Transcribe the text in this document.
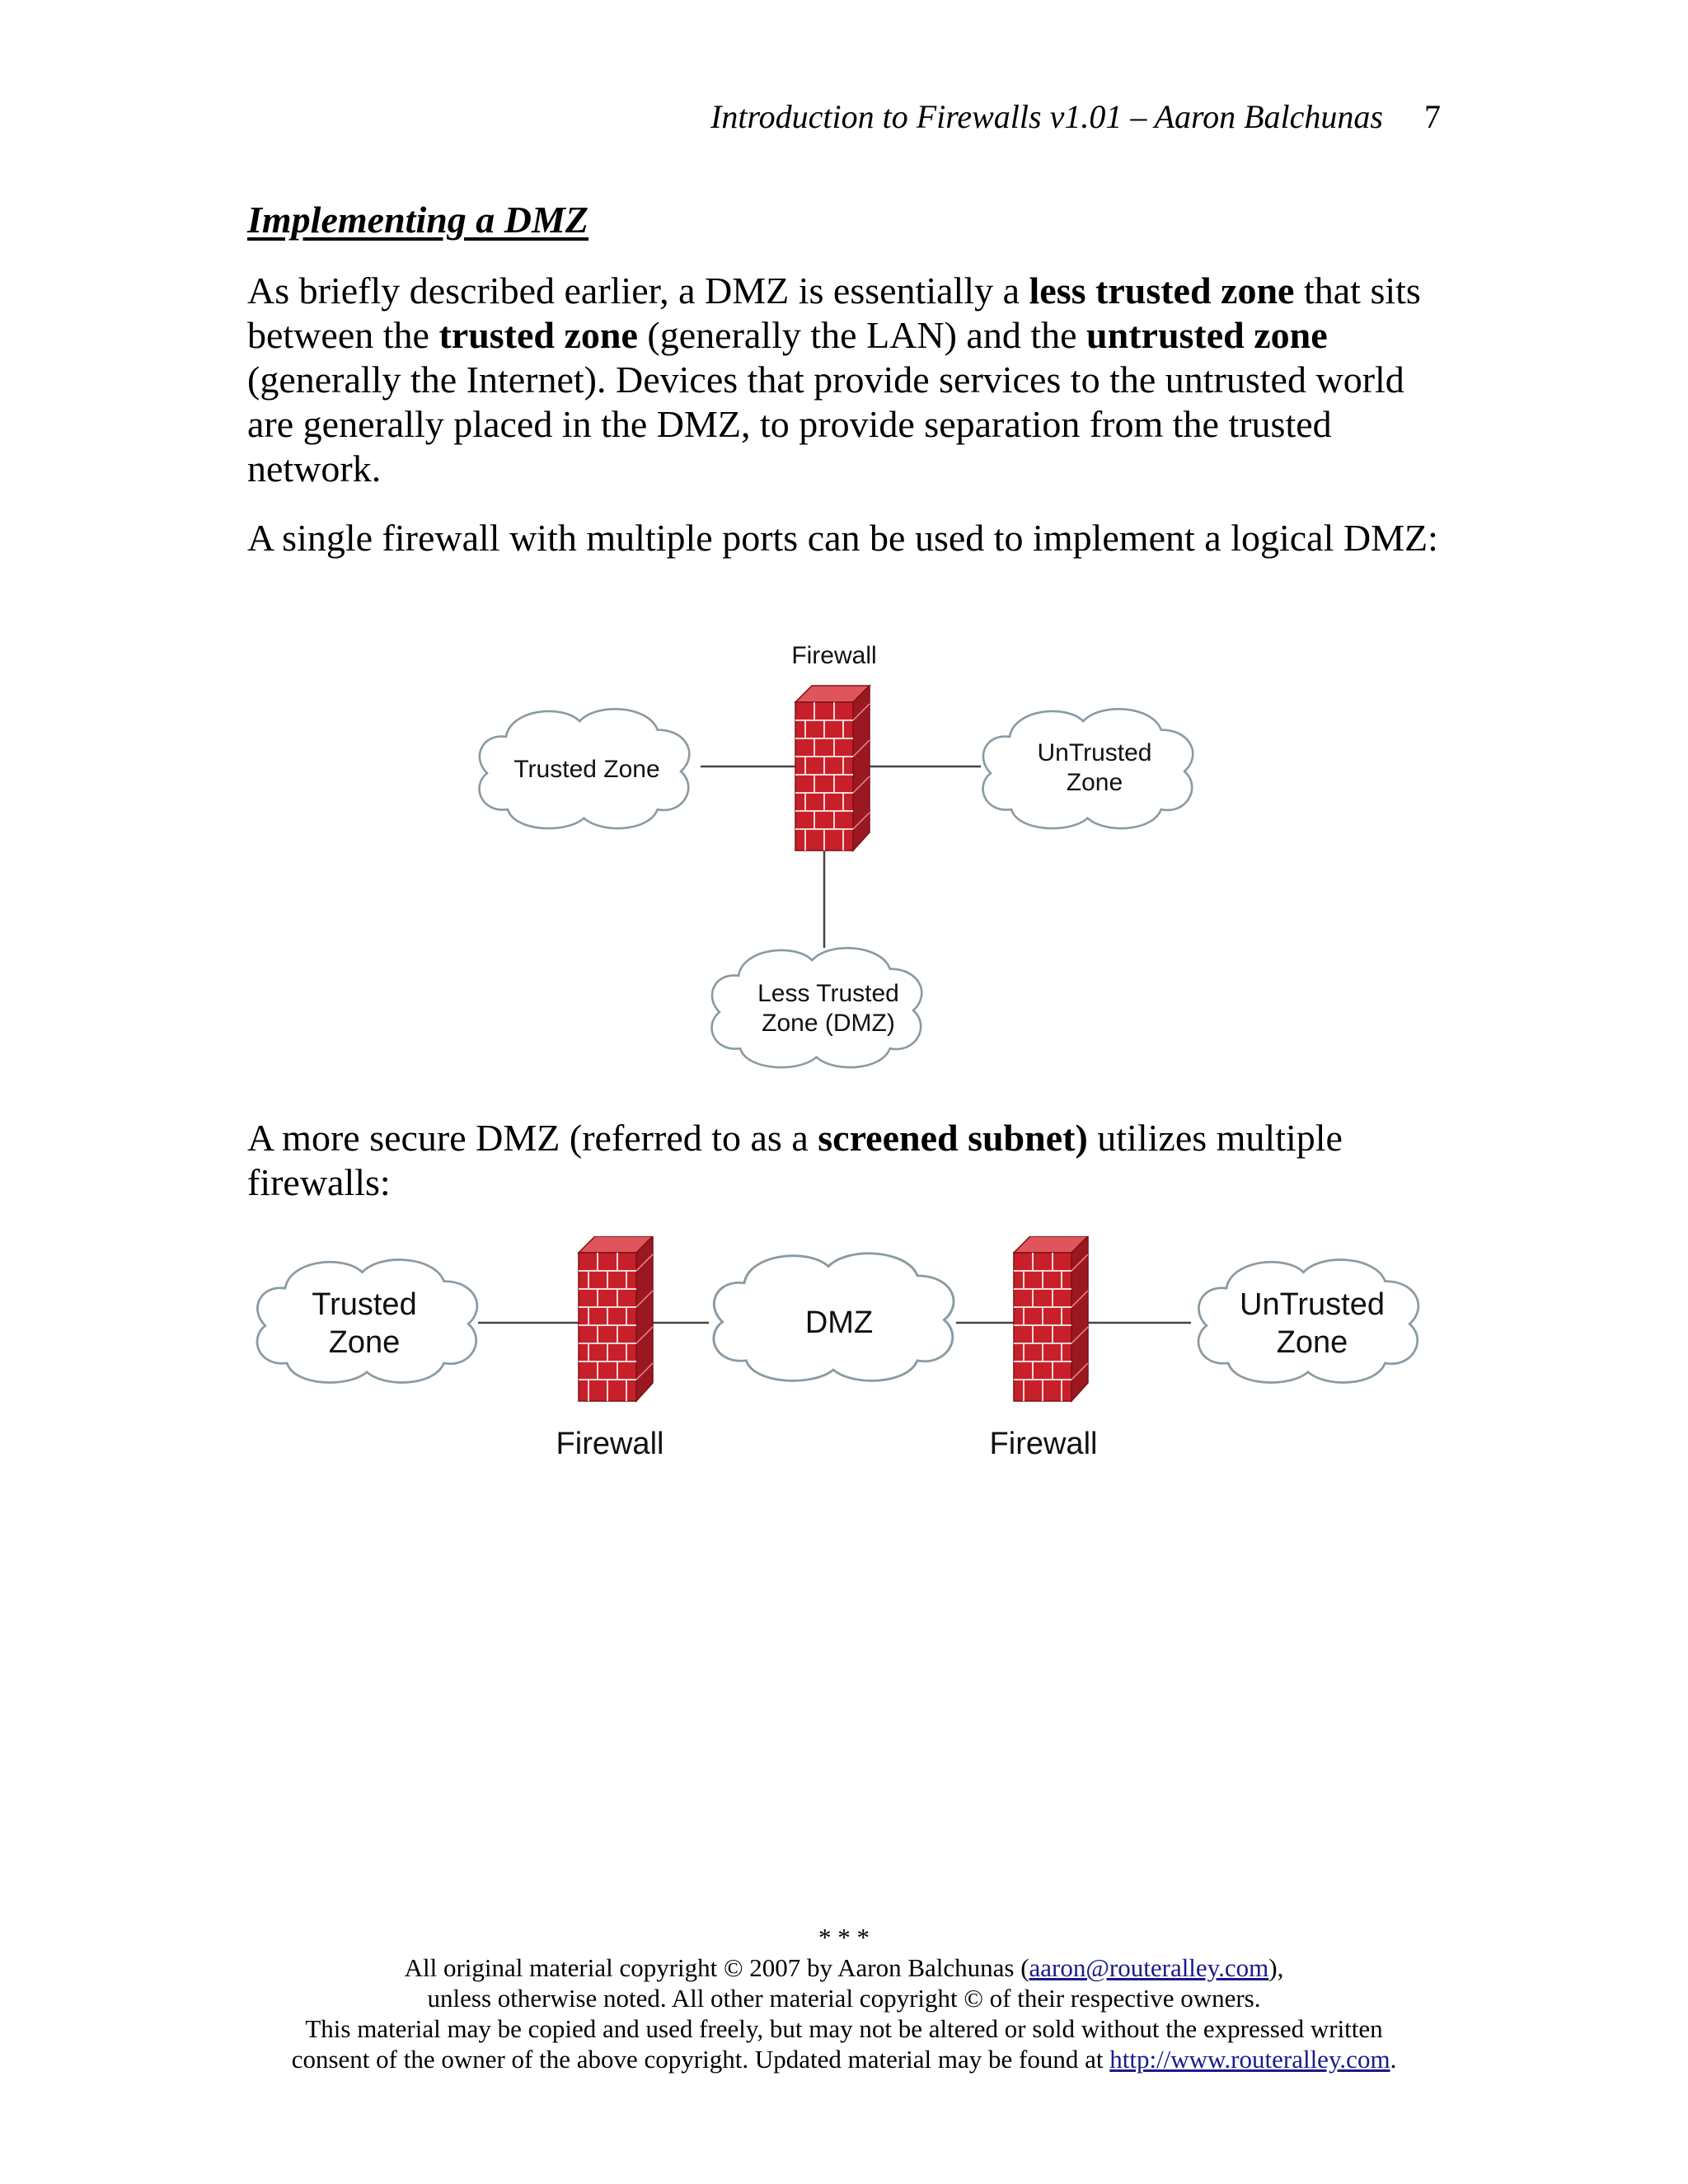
Introduction to Firewalls v1.01 – Aaron Balchunas 7
Implementing a DMZ

As briefly described earlier, a DMZ is essentially a less trusted zone that sits between the trusted zone (generally the LAN) and the untrusted zone (generally the Internet). Devices that provide services to the untrusted world are generally placed in the DMZ, to provide separation from the trusted network.

A single firewall with multiple ports can be used to implement a logical DMZ:

Firewall
Trusted Zone
UnTrusted
Zone
Less Trusted
Zone (DMZ)

A more secure DMZ (referred to as a screened subnet) utilizes multiple firewalls:

Trusted
Zone
Firewall
DMZ
Firewall
UnTrusted
Zone
* * *
All original material copyright © 2007 by Aaron Balchunas (aaron@routeralley.com),
unless otherwise noted. All other material copyright © of their respective owners.
This material may be copied and used freely, but may not be altered or sold without the expressed written
consent of the owner of the above copyright. Updated material may be found at http://www.routeralley.com.
